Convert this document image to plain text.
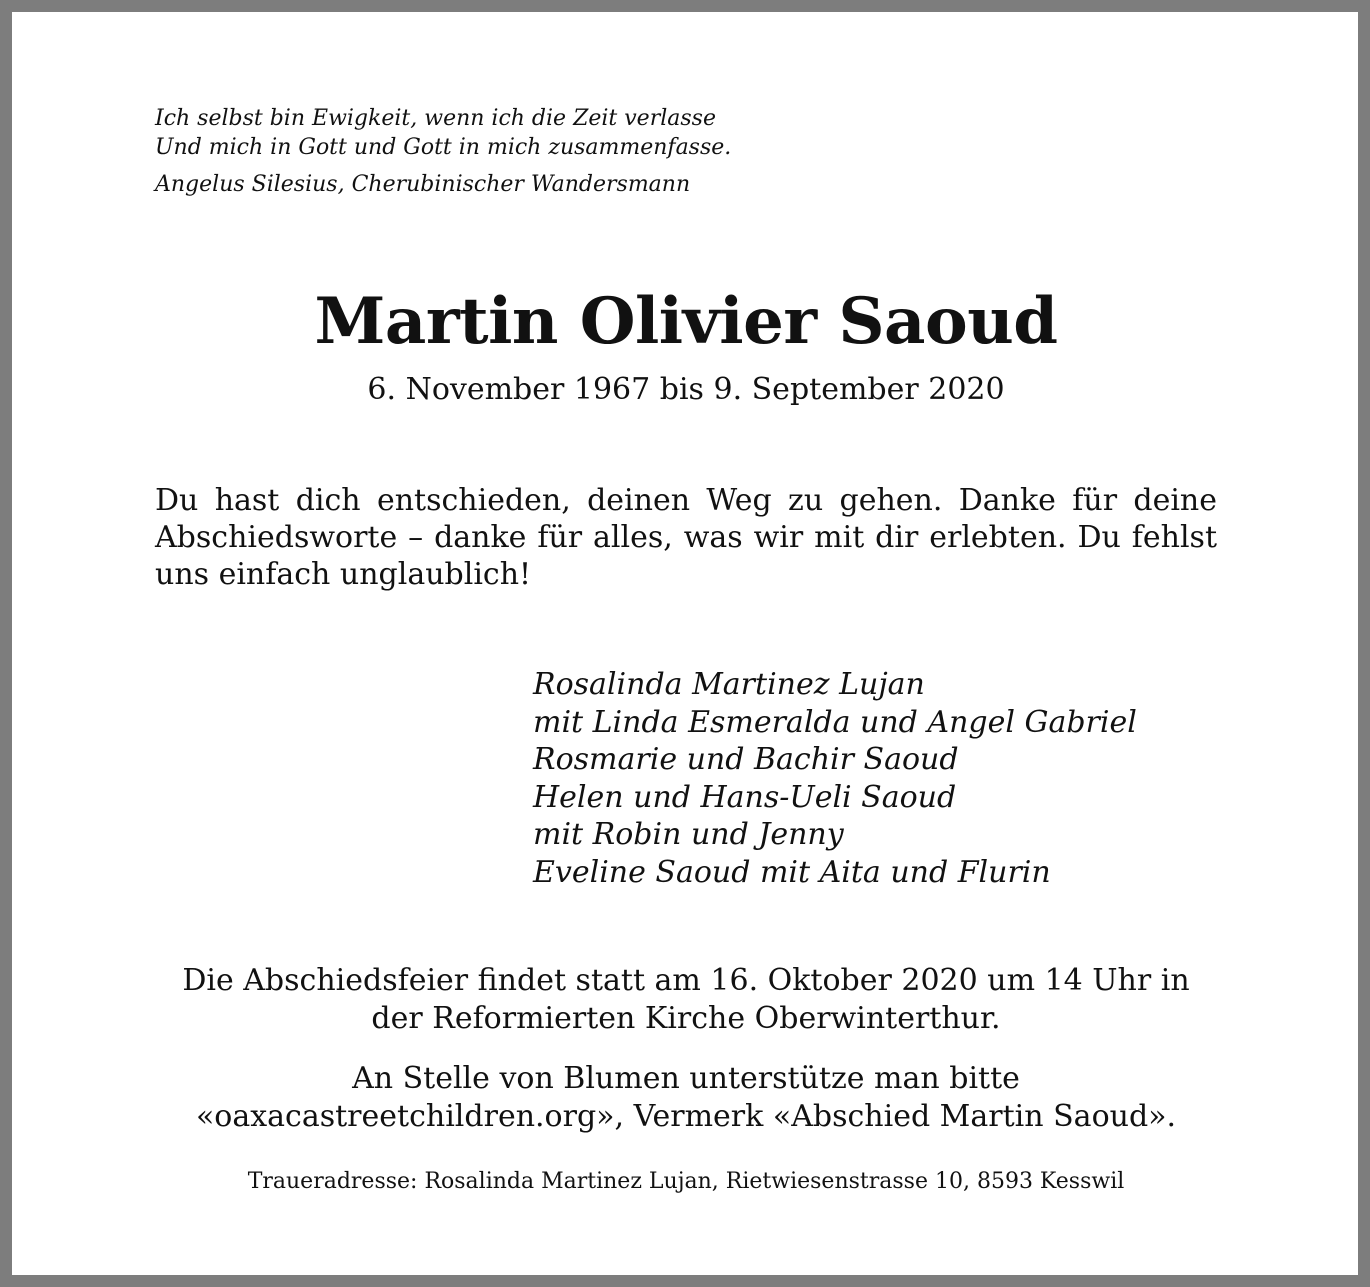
Ich selbst bin Ewigkeit, wenn ich die Zeit verlasse
Und mich in Gott und Gott in mich zusammenfasse.
Angelus Silesius, Cherubinischer Wandersmann
Martin Olivier Saoud
6. November 1967 bis 9. September 2020
Du hast dich entschieden, deinen Weg zu gehen. Danke für deine Abschiedsworte – danke für alles, was wir mit dir erlebten. Du fehlst uns einfach unglaublich!
Rosalinda Martinez Lujan
mit Linda Esmeralda und Angel Gabriel
Rosmarie und Bachir Saoud
Helen und Hans-Ueli Saoud
mit Robin und Jenny
Eveline Saoud mit Aita und Flurin
Die Abschiedsfeier findet statt am 16. Oktober 2020 um 14 Uhr in
der Reformierten Kirche Oberwinterthur.
An Stelle von Blumen unterstütze man bitte
«oaxacastreetchildren.org», Vermerk «Abschied Martin Saoud».
Traueradresse: Rosalinda Martinez Lujan, Rietwiesenstrasse 10, 8593 Kesswil
